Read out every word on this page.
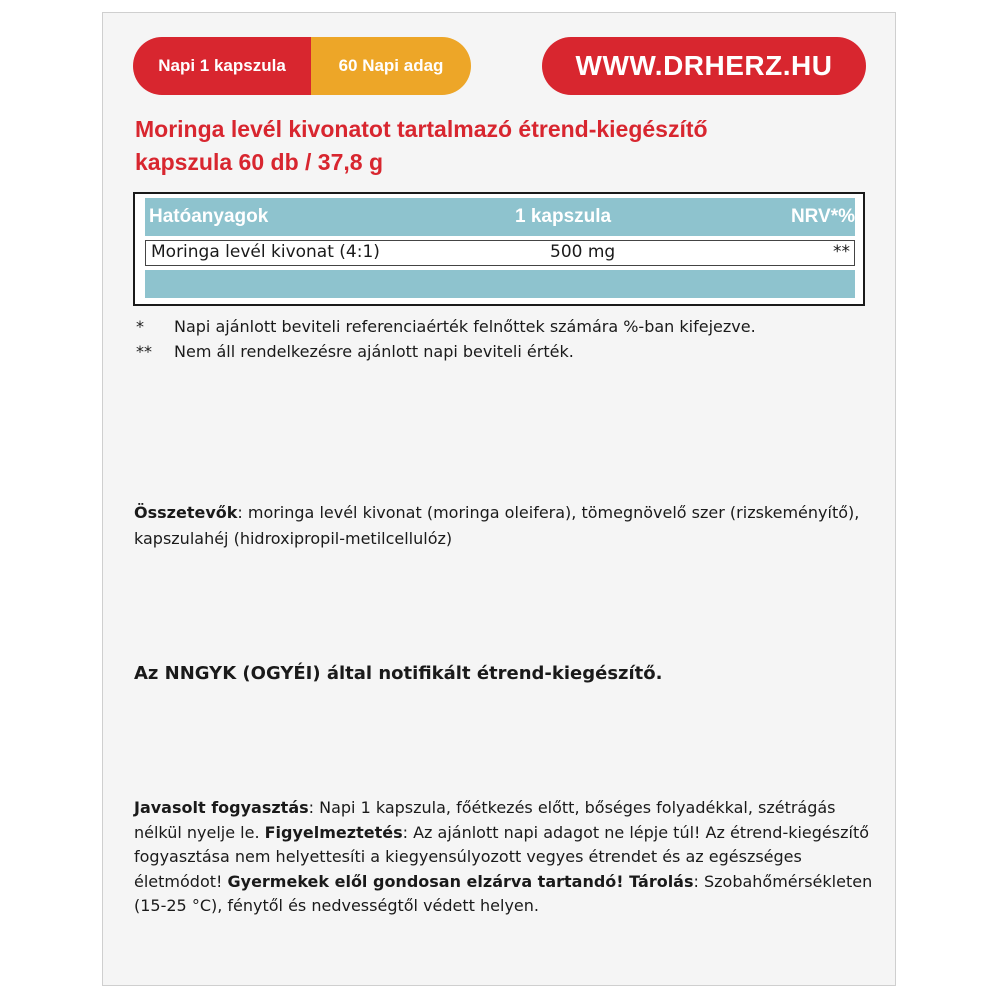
Napi 1 kapszula	60 Napi adag	WWW.DRHERZ.HU
Moringa levél kivonatot tartalmazó étrend-kiegészítő
kapszula 60 db / 37,8 g
Hatóanyagok	1 kapszula	NRV*%
Moringa levél kivonat (4:1)	500 mg	**
*	Napi ajánlott beviteli referenciaérték felnőttek számára %-ban kifejezve.
**	Nem áll rendelkezésre ajánlott napi beviteli érték.
Összetevők: moringa levél kivonat (moringa oleifera), tömegnövelő szer (rizskeményítő), kapszulahéj (hidroxipropil-metilcellulóz)
Az NNGYK (OGYÉI) által notifikált étrend-kiegészítő.
Javasolt fogyasztás: Napi 1 kapszula, főétkezés előtt, bőséges folyadékkal, szétrágás nélkül nyelje le. Figyelmeztetés: Az ajánlott napi adagot ne lépje túl! Az étrend-kiegészítő fogyasztása nem helyettesíti a kiegyensúlyozott vegyes étrendet és az egészséges életmódot! Gyermekek elől gondosan elzárva tartandó! Tárolás: Szobahőmérsékleten (15-25 °C), fénytől és nedvességtől védett helyen.
